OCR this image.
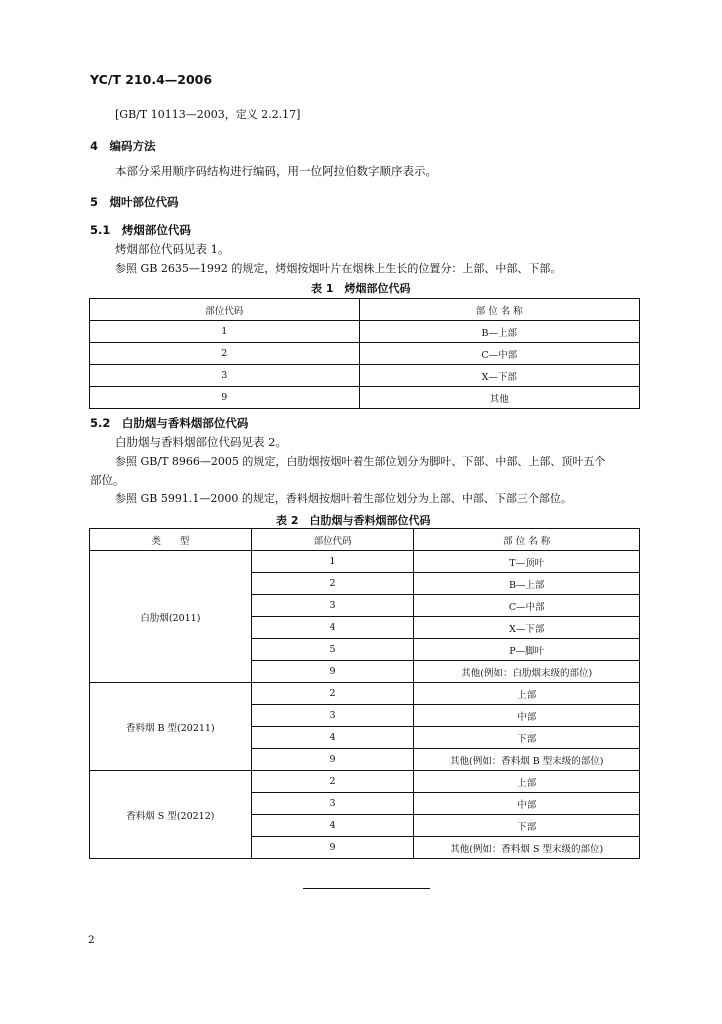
YC/T 210.4—2006
[GB/T 10113—2003，定义 2.2.17]
4　编码方法
本部分采用顺序码结构进行编码，用一位阿拉伯数字顺序表示。
5　烟叶部位代码
5.1　烤烟部位代码
烤烟部位代码见表 1。
参照 GB 2635—1992 的规定，烤烟按烟叶片在烟株上生长的位置分：上部、中部、下部。
表 1　烤烟部位代码
部位代码	部 位 名 称
1	B—上部
2	C—中部
3	X—下部
9	其他
5.2　白肋烟与香料烟部位代码
白肋烟与香料烟部位代码见表 2。
参照 GB/T 8966—2005 的规定，白肋烟按烟叶着生部位划分为脚叶、下部、中部、上部、顶叶五个
部位。
参照 GB 5991.1—2000 的规定，香料烟按烟叶着生部位划分为上部、中部、下部三个部位。
表 2　白肋烟与香料烟部位代码
类　　型	部位代码	部 位 名 称
白肋烟(2011)	1	T—顶叶
	2	B—上部
	3	C—中部
	4	X—下部
	5	P—脚叶
	9	其他(例如：白肋烟末级的部位)
香料烟 B 型(20211)	2	上部
	3	中部
	4	下部
	9	其他(例如：香料烟 B 型末级的部位)
香料烟 S 型(20212)	2	上部
	3	中部
	4	下部
	9	其他(例如：香料烟 S 型末级的部位)
2
